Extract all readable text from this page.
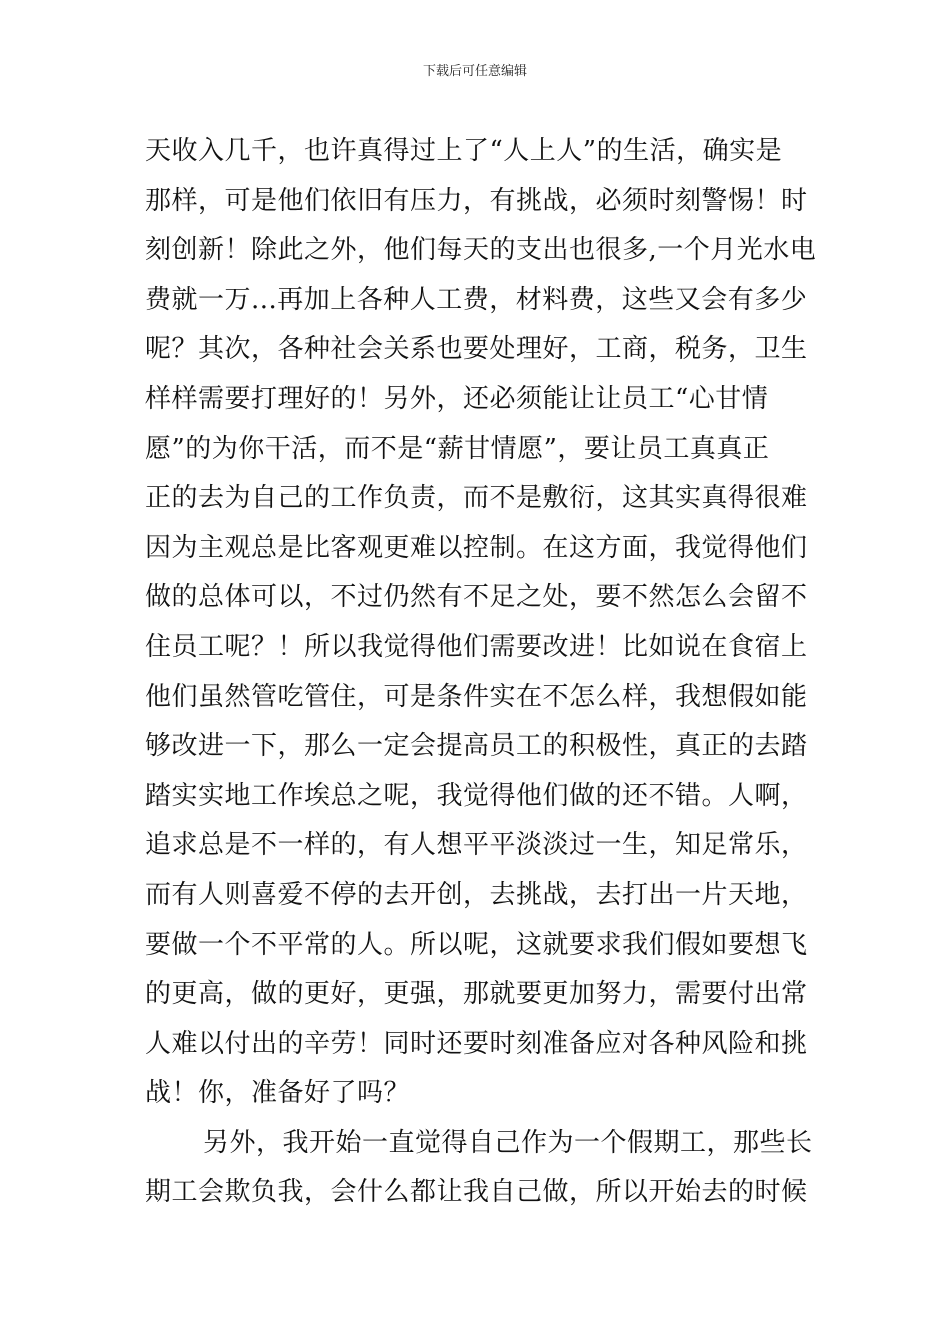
下载后可任意编辑
天收入几千，也许真得过上了“人上人”的生活，确实是
那样，可是他们依旧有压力，有挑战，必须时刻警惕！时
刻创新！除此之外，他们每天的支出也很多,一个月光水电
费就一万...再加上各种人工费，材料费，这些又会有多少
呢？其次，各种社会关系也要处理好，工商，税务，卫生
样样需要打理好的！另外，还必须能让让员工“心甘情
愿”的为你干活，而不是“薪甘情愿”，要让员工真真正
正的去为自己的工作负责，而不是敷衍，这其实真得很难
因为主观总是比客观更难以控制。在这方面，我觉得他们
做的总体可以，不过仍然有不足之处，要不然怎么会留不
住员工呢？！所以我觉得他们需要改进！比如说在食宿上
他们虽然管吃管住，可是条件实在不怎么样，我想假如能
够改进一下，那么一定会提高员工的积极性，真正的去踏
踏实实地工作埃总之呢，我觉得他们做的还不错。人啊，
追求总是不一样的，有人想平平淡淡过一生，知足常乐，
而有人则喜爱不停的去开创，去挑战，去打出一片天地，
要做一个不平常的人。所以呢，这就要求我们假如要想飞
的更高，做的更好，更强，那就要更加努力，需要付出常
人难以付出的辛劳！同时还要时刻准备应对各种风险和挑
战！你，准备好了吗？
另外，我开始一直觉得自己作为一个假期工，那些长
期工会欺负我，会什么都让我自己做，所以开始去的时候
